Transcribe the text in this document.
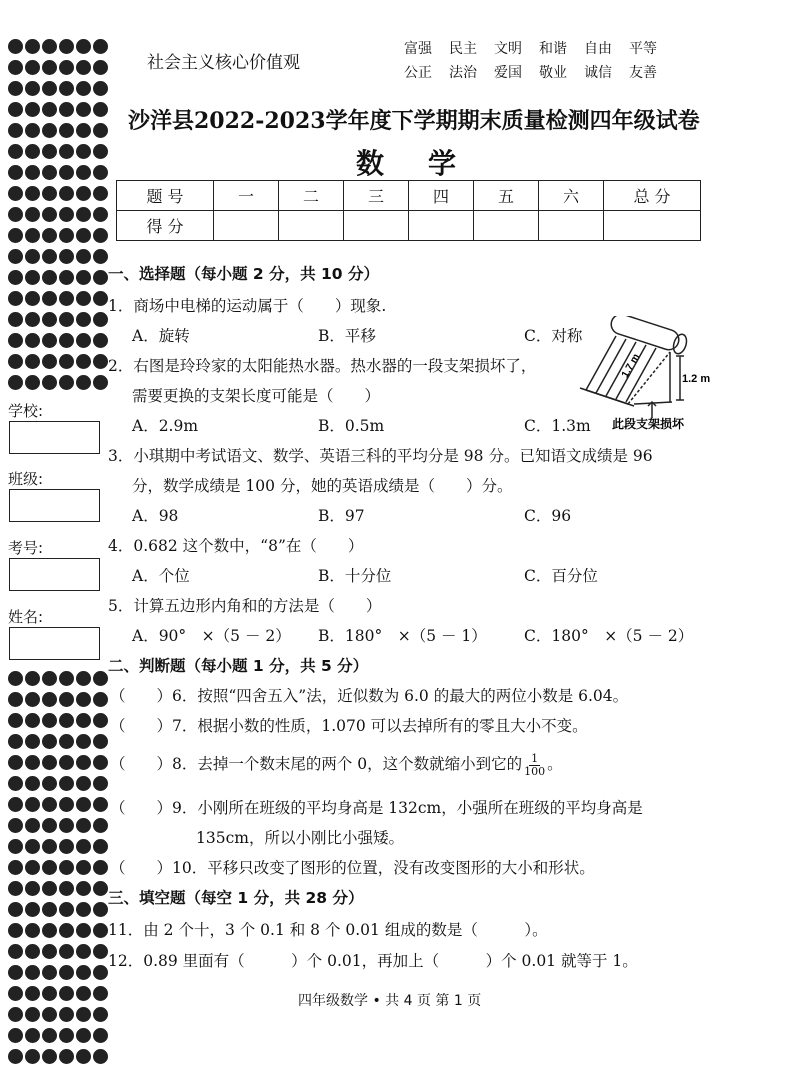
学校:
班级:
考号:
姓名:
社会主义核心价值观
富强	民主	文明	和谐	自由	平等
公正	法治	爱国	敬业	诚信	友善
沙洋县2022-2023学年度下学期期末质量检测四年级试卷
数学
题 号	一	二	三	四	五	六	总 分
得 分							
一、选择题（每小题 2 分，共 10 分）
1．商场中电梯的运动属于（　　）现象.
A．旋转	B．平移	C．对称
2．右图是玲玲家的太阳能热水器。热水器的一段支架损坏了，
需要更换的支架长度可能是（　　）
A．2.9m	B．0.5m	C．1.3m
1.2 m
1.7 m
此段支架损坏
3．小琪期中考试语文、数学、英语三科的平均分是 98 分。已知语文成绩是 96
分，数学成绩是 100 分，她的英语成绩是（　　）分。
A．98	B．97	C．96
4．0.682 这个数中，“8”在（　　）
A．个位	B．十分位	C．百分位
5．计算五边形内角和的方法是（　　）
A．90°　×（5 － 2） B．180°　×（5 － 1） C．180°　×（5 － 2）
二、判断题（每小题 1 分，共 5 分）
（　　）6．按照“四舍五入”法，近似数为 6.0 的最大的两位小数是 6.04。
（　　）7．根据小数的性质，1.070 可以去掉所有的零且大小不变。
（　　）8．去掉一个数末尾的两个 0，这个数就缩小到它的 $\frac{1}{100}$ 。
（　　）9．小刚所在班级的平均身高是 132cm，小强所在班级的平均身高是
135cm，所以小刚比小强矮。
（　　）10．平移只改变了图形的位置，没有改变图形的大小和形状。
三、填空题（每空 1 分，共 28 分）
11．由 2 个十，3 个 0.1 和 8 个 0.01 组成的数是（　　　）。
12．0.89 里面有（　　　）个 0.01，再加上（　　　）个 0.01 就等于 1。
四年级数学 • 共 4 页 第 1 页
